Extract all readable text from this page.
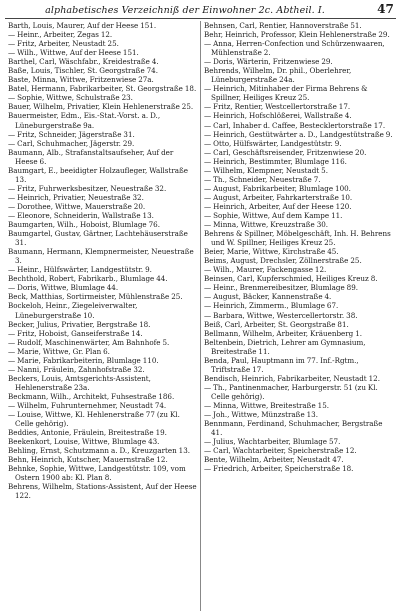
alphabetisches Verzeichniß der Einwohner 2c. Abtheil. I.	47

Barth, Louis, Maurer, Auf der Heese 151.

— Heinr., Arbeiter, Zegas 12.

— Fritz, Arbeiter, Neustadt 25.

— Wilh., Wittwe, Auf der Heese 151.

Barthel, Carl, Wäschfabr., Kreidestraße 4.

Baße, Louis, Tischler, St. Georgstraße 74.

Baste, Minna, Wittwe, Fritzenwiese 27a.

Batel, Hermann, Fabrikarbeiter, St. Georgstraße 18.

— Sophie, Wittwe, Schulstraße 23.

Bauer, Wilhelm, Privatier, Klein Hehlenerstraße 25.

Bauermeister, Edm., Eis.-Stat.-Vorst. a. D., Lüneburgerstraße 9a.

— Fritz, Schneider, Jägerstraße 31.

— Carl, Schuhmacher, Jägerstr. 29.

Baumann, Alb., Strafanstaltsaufseher, Auf der Heese 6.

Baumgart, E., beeidigter Holzaufleger, Wallstraße 13.

— Fritz, Fuhrwerksbesitzer, Neuestraße 32.

— Heinrich, Privatier, Neuestraße 32.

— Dorothee, Wittwe, Mauerstraße 20.

— Eleonore, Schneiderin, Wallstraße 13.

Baumgarten, Wilh., Hoboist, Blumlage 76.

Baumgartel, Gustav, Gärtner, Lachtehäuserstraße 31.

Baumann, Hermann, Klempnermeister, Neuestraße 3.

— Heinr., Hülfswärter, Landgestütstr. 9.

Bechthold, Robert, Fabrikarb., Blumlage 44.

— Doris, Wittwe, Blumlage 44.

Beck, Matthias, Sortirmeister, Mühlenstraße 25.

Bockeloh, Heinr., Ziegeleiverwalter, Lüneburgerstraße 10.

Becker, Julius, Privatier, Bergstraße 18.

— Fritz, Hoboist, Ganseiferstraße 14.

— Rudolf, Maschinenwärter, Am Bahnhofe 5.

— Marie, Wittwe, Gr. Plan 6.

— Marie, Fabrikarbeiterin, Blumlage 110.

— Nanni, Fräulein, Zahnhofstraße 32.

Beckers, Louis, Amtsgerichts-Assistent, Hehlenerstraße 23a.

Beckmann, Wilh., Architekt, Fuhsestraße 186.

— Wilhelm, Fuhrunternehmer, Neustadt 74.

— Louise, Wittwe, Kl. Hehlenerstraße 77 (zu Kl. Celle gehörig).

Beddies, Antonie, Fräulein, Breitestraße 19.

Beekenkort, Louise, Wittwe, Blumlage 43.

Behling, Ernst, Schutzmann a. D., Kreuzgarten 13.

Behn, Heinrich, Kutscher, Mauernstraße 12.

Behnke, Sophie, Wittwe, Landgestütstr. 109, vom Ostern 1900 ab: Kl. Plan 8.

Behrens, Wilhelm, Stations-Assistent, Auf der Heese 122.

Behnsen, Carl, Rentier, Hannoverstraße 51.

Behr, Heinrich, Professor, Klein Hehlenerstraße 29.

— Anna, Herren-Confection und Schürzenwaaren, Mühlenstraße 2.

— Doris, Wärterin, Fritzenwiese 29.

Behrends, Wilhelm, Dr. phil., Oberlehrer, Lüneburgerstraße 24a.

— Heinrich, Mitinhaber der Firma Behrens & Spillner, Heiliges Kreuz 25.

— Fritz, Rentier, Westcellertorstraße 17.

— Heinrich, Hofschlößerei, Wallstraße 4.

— Carl, Inhaber d. Caffee, Bestecklertorstraße 17.

— Heinrich, Gestütwärter a. D., Landgestütstraße 9.

— Otto, Hülfswärter, Landgestütstr. 9.

— Carl, Geschäftsreisender, Fritzenwiese 20.

— Heinrich, Bestimmter, Blumlage 116.

— Wilhelm, Klempner, Neustadt 5.

— Th., Schneider, Neuestraße 7.

— August, Fabrikarbeiter, Blumlage 100.

— August, Arbeiter, Fahrkarterstraße 10.

— Heinrich, Arbeiter, Auf der Heese 120.

— Sophie, Wittwe, Auf dem Kampe 11.

— Minna, Wittwe, Kreuzstraße 30.

Behrens & Spillner, Möbelgeschäft, Inh. H. Behrens und W. Spillner, Heiliges Kreuz 25.

Beier, Marie, Wittwe, Kirchstraße 45.

Beims, August, Drechsler, Zöllnerstraße 25.

— Wilh., Maurer, Fackengasse 12.

Beinsen, Carl, Kupferschmied, Heiliges Kreuz 8.

— Heinr., Brenmereibesitzer, Blumlage 89.

— August, Bäcker, Kannenstraße 4.

— Heinrich, Zimmerm., Blumlage 67.

— Barbara, Wittwe, Westercellertorstr. 38.

Beiß, Carl, Arbeiter, St. Georgstraße 81.

Bellmann, Wilhelm, Arbeiter, Kräuenberg 1.

Beltenbein, Dietrich, Lehrer am Gymnasium, Breitestraße 11.

Benda, Paul, Hauptmann im 77. Inf.-Rgtm., Triftstraße 17.

Bendisch, Heinrich, Fabrikarbeiter, Neustadt 12.

— Th., Pantinenmacher, Harburgerstr. 51 (zu Kl. Celle gehörig).

— Minna, Wittwe, Breitestraße 15.

— Joh., Wittwe, Münzstraße 13.

Bennmann, Ferdinand, Schuhmacher, Bergstraße 41.

— Julius, Wachtarbeiter, Blumlage 57.

— Carl, Wachtarbeiter, Speicherstraße 12.

Bente, Wilhelm, Arbeiter, Neustadt 47.

— Friedrich, Arbeiter, Speicherstraße 18.
